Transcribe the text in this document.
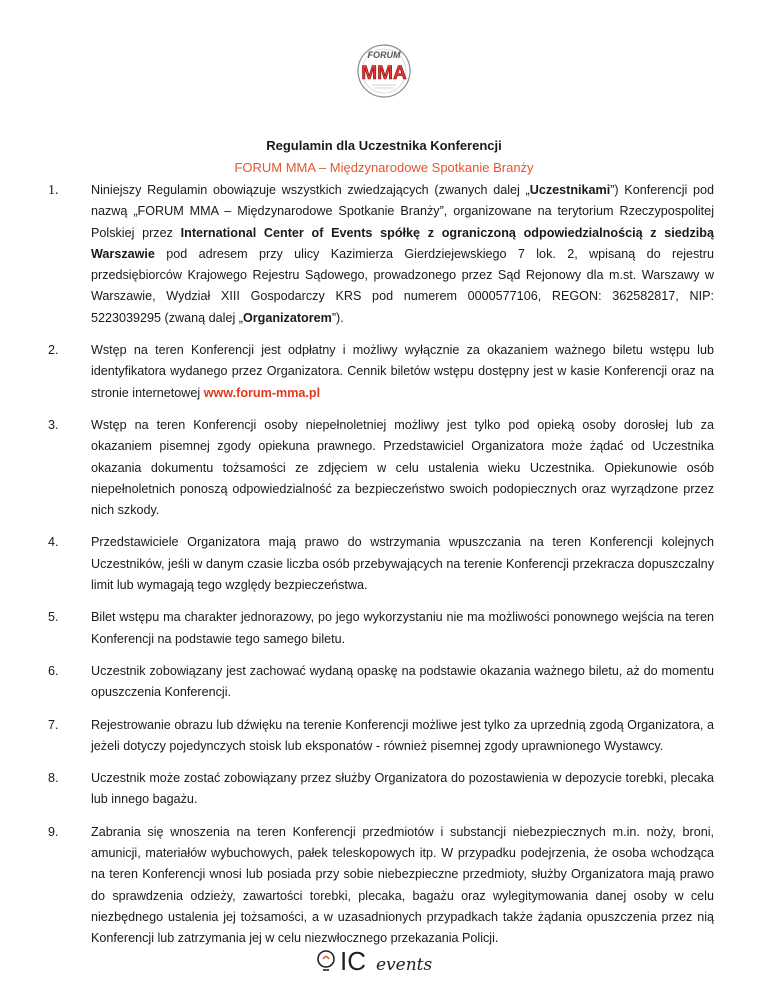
FORUM
MMA
Regulamin dla Uczestnika Konferencji
FORUM MMA – Międzynarodowe Spotkanie Branży
1.	Niniejszy Regulamin obowiązuje wszystkich zwiedzających (zwanych dalej „Uczestnikami”) Konferencji pod nazwą „FORUM MMA – Międzynarodowe Spotkanie Branży”, organizowane na terytorium Rzeczypospolitej Polskiej przez International Center of Events spółkę z ograniczoną odpowiedzialnością z siedzibą Warszawie pod adresem przy ulicy Kazimierza Gierdziejewskiego 7 lok. 2, wpisaną do rejestru przedsiębiorców Krajowego Rejestru Sądowego, prowadzonego przez Sąd Rejonowy dla m.st. Warszawy w Warszawie, Wydział XIII Gospodarczy KRS pod numerem 0000577106, REGON: 362582817, NIP: 5223039295 (zwaną dalej „Organizatorem”).
2.	Wstęp na teren Konferencji jest odpłatny i możliwy wyłącznie za okazaniem ważnego biletu wstępu lub identyfikatora wydanego przez Organizatora. Cennik biletów wstępu dostępny jest w kasie Konferencji oraz na stronie internetowej www.forum-mma.pl
3.	Wstęp na teren Konferencji osoby niepełnoletniej możliwy jest tylko pod opieką osoby dorosłej lub za okazaniem pisemnej zgody opiekuna prawnego. Przedstawiciel Organizatora może żądać od Uczestnika okazania dokumentu tożsamości ze zdjęciem w celu ustalenia wieku Uczestnika. Opiekunowie osób niepełnoletnich ponoszą odpowiedzialność za bezpieczeństwo swoich podopiecznych oraz wyrządzone przez nich szkody.
4.	Przedstawiciele Organizatora mają prawo do wstrzymania wpuszczania na teren Konferencji kolejnych Uczestników, jeśli w danym czasie liczba osób przebywających na terenie Konferencji przekracza dopuszczalny limit lub wymagają tego względy bezpieczeństwa.
5.	Bilet wstępu ma charakter jednorazowy, po jego wykorzystaniu nie ma możliwości ponownego wejścia na teren Konferencji na podstawie tego samego biletu.
6.	Uczestnik zobowiązany jest zachować wydaną opaskę na podstawie okazania ważnego biletu, aż do momentu opuszczenia Konferencji.
7.	Rejestrowanie obrazu lub dźwięku na terenie Konferencji możliwe jest tylko za uprzednią zgodą Organizatora, a jeżeli dotyczy pojedynczych stoisk lub eksponatów - również pisemnej zgody uprawnionego Wystawcy.
8.	Uczestnik może zostać zobowiązany przez służby Organizatora do pozostawienia w depozycie torebki, plecaka lub innego bagażu.
9.	Zabrania się wnoszenia na teren Konferencji przedmiotów i substancji niebezpiecznych m.in. noży, broni, amunicji, materiałów wybuchowych, pałek teleskopowych itp. W przypadku podejrzenia, że osoba wchodząca na teren Konferencji wnosi lub posiada przy sobie niebezpieczne przedmioty, służby Organizatora mają prawo do sprawdzenia odzieży, zawartości torebki, plecaka, bagażu oraz wylegitymowania danej osoby w celu niezbędnego ustalenia jej tożsamości, a w uzasadnionych przypadkach także żądania opuszczenia przez nią Konferencji lub zatrzymania jej w celu niezwłocznego przekazania Policji.
IC events
